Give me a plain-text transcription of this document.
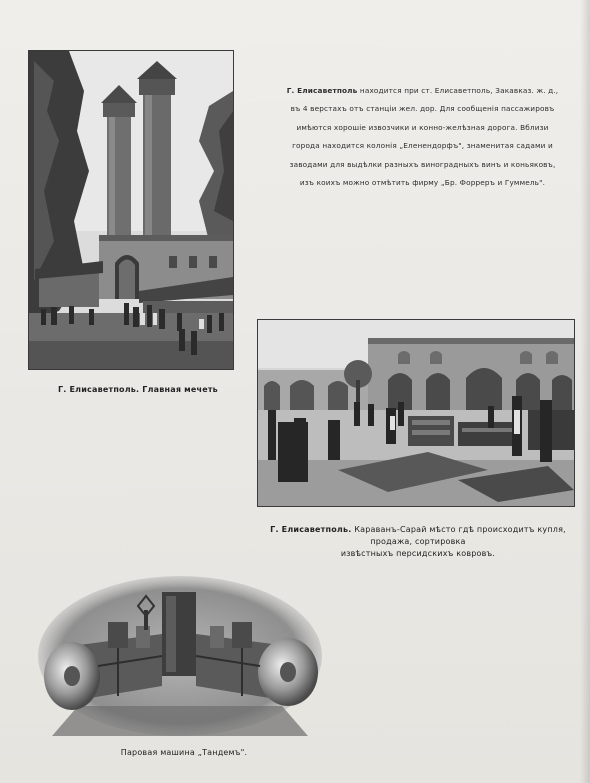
Г. Елисаветполь находится при ст. Елисаветполь, Закавказ. ж. д.,
въ 4 верстахъ отъ станціи жел. дор. Для сообщенія пассажировъ
имѣются хорошіе извозчики и конно-желѣзная дорога. Вблизи
города находится колонія „Еленендорфъ", знаменитая садами и
заводами для выдѣлки разныхъ виноградныхъ винъ и коньяковъ,
изъ коихъ можно отмѣтить фирму „Бр. Форреръ и Гуммель".
Г. Елисаветполь. Главная мечеть
Г. Елисаветполь. Караванъ-Сарай мѣсто гдѣ происходитъ купля, продажа, сортировка
извѣстныхъ персидскихъ ковровъ.
Паровая машина „Тандемъ".
